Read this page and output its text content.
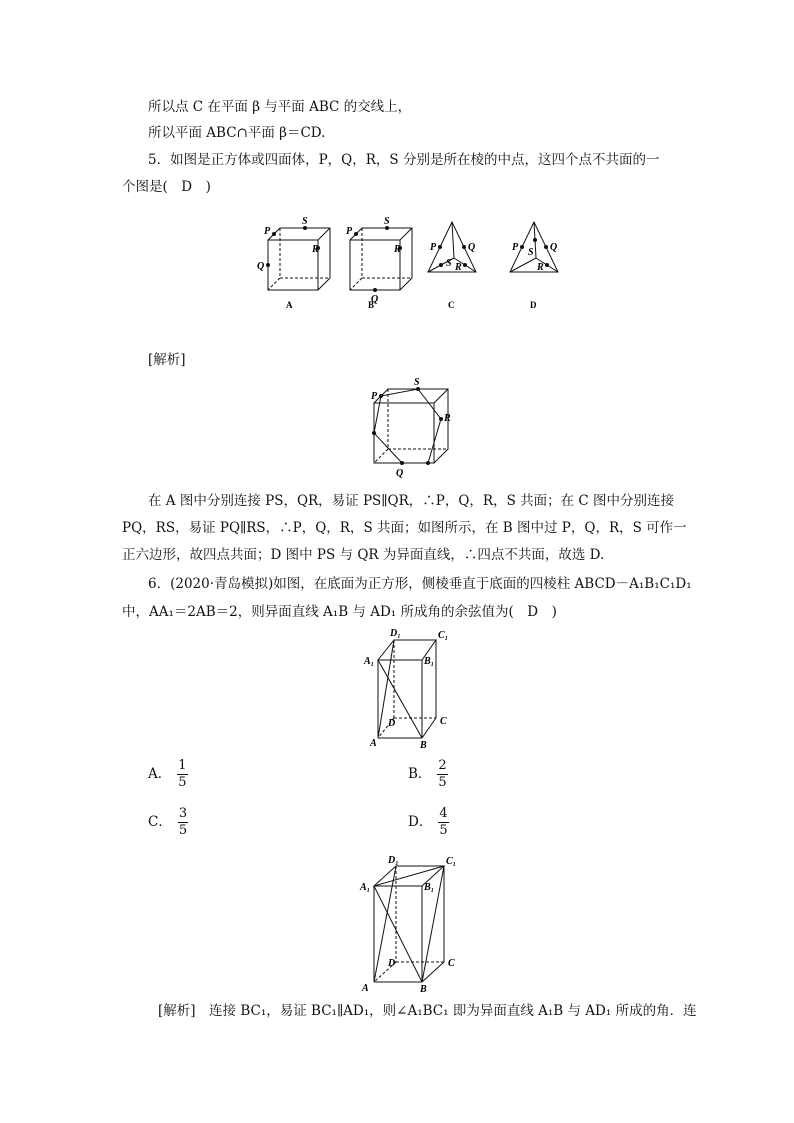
所以点 C 在平面 β 与平面 ABC 的交线上，
所以平面 ABC∩平面 β＝CD.
5．如图是正方体或四面体，P，Q，R，S 分别是所在棱的中点，这四个点不共面的一
个图是(　D　)
P
S
R
Q
P
S
R
Q
P	Q
S R
P	Q
S
R
A	B	C	D
[解析]
S
P
R
Q
在 A 图中分别连接 PS，QR，易证 PS∥QR，∴P，Q，R，S 共面；在 C 图中分别连接
PQ，RS，易证 PQ∥RS，∴P，Q，R，S 共面；如图所示，在 B 图中过 P，Q，R，S 可作一
正六边形，故四点共面；D 图中 PS 与 QR 为异面直线，∴四点不共面，故选 D.
6．(2020·青岛模拟)如图，在底面为正方形，侧棱垂直于底面的四棱柱 ABCD－A₁B₁C₁D₁
中，AA₁＝2AB＝2，则异面直线 A₁B 与 AD₁ 所成角的余弦值为(　D　)
D₁	C₁
A₁	B₁
D	C
A	B
A． $\frac{1}{5}$	B． $\frac{2}{5}$
C． $\frac{3}{5}$	D． $\frac{4}{5}$
D₁	C₁
A₁	B₁
D	C
A	B
[解析]　连接 BC₁，易证 BC₁∥AD₁，则∠A₁BC₁ 即为异面直线 A₁B 与 AD₁ 所成的角．连
